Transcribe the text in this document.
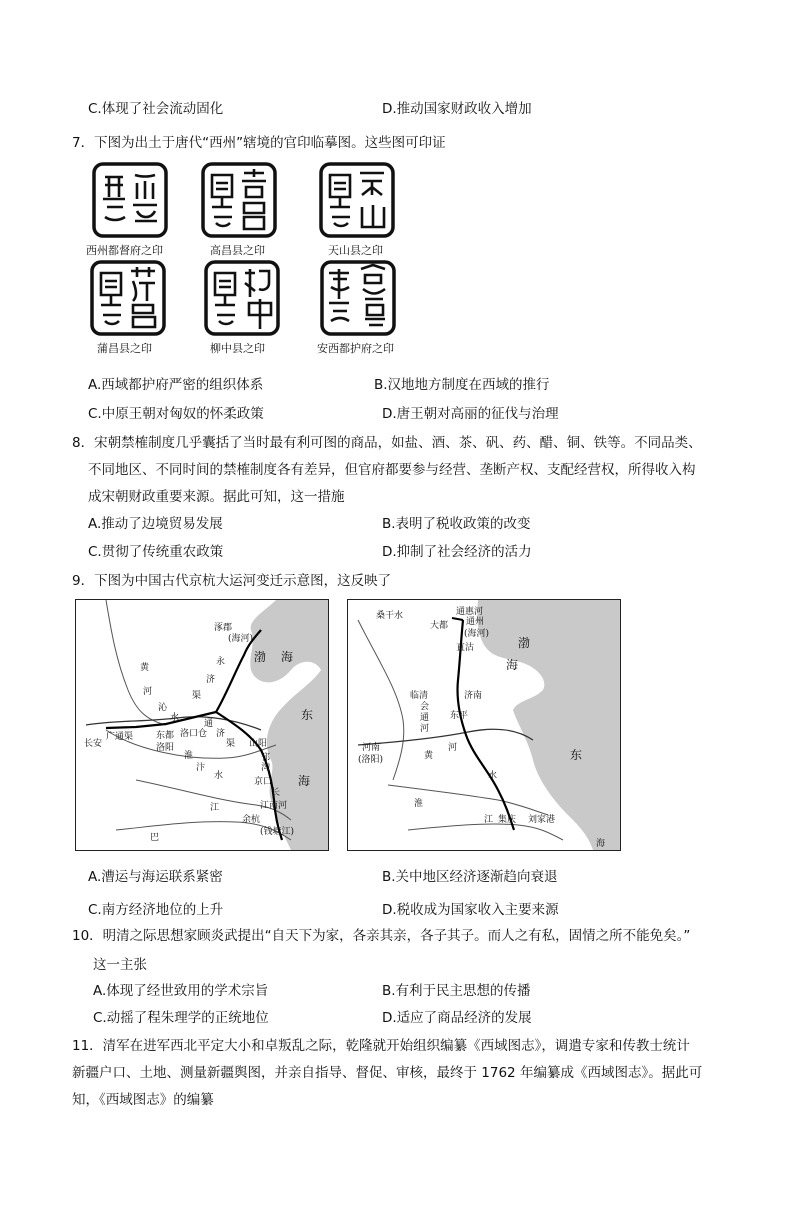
C.体现了社会流动固化	D.推动国家财政收入增加
7．下图为出土于唐代“西州”辖境的官印临摹图。这些图可印证
西州都督府之印	高昌县之印	天山县之印
蒲昌县之印	柳中县之印	安西都护府之印
A.西域都护府严密的组织体系	B.汉地地方制度在西域的推行
C.中原王朝对匈奴的怀柔政策	D.唐王朝对高丽的征伐与治理
8．宋朝禁榷制度几乎囊括了当时最有利可图的商品，如盐、酒、茶、矾、药、醋、铜、铁等。不同品类、
不同地区、不同时间的禁榷制度各有差异，但官府都要参与经营、垄断产权、支配经营权，所得收入构
成宋朝财政重要来源。据此可知，这一措施
A.推动了边境贸易发展	B.表明了税收政策的改变
C.贯彻了传统重农政策	D.抑制了社会经济的活力
9．下图为中国古代京杭大运河变迁示意图，这反映了
涿郡
(海河)
渤 海
永
济
渠
黄
河
沁
水
通
济
渠
长安
广通渠	东都
洛阳
洛口仓
汴
水
山阳
邗
沟
淮
东
海
长
江
京口
余杭
江南河
(钱塘江)
巴
通惠河
桑干水
大都 通州
(海河)
直沽	渤
海
临清	济南
会通河
东平
黄
河
河南
(洛阳)	东
淮
水
江 集庆 刘家港
海
A.漕运与海运联系紧密	B.关中地区经济逐渐趋向衰退
C.南方经济地位的上升	D.税收成为国家收入主要来源
10．明清之际思想家顾炎武提出“自天下为家，各亲其亲，各子其子。而人之有私，固情之所不能免矣。”
这一主张
A.体现了经世致用的学术宗旨	B.有利于民主思想的传播
C.动摇了程朱理学的正统地位	D.适应了商品经济的发展
11．清军在进军西北平定大小和卓叛乱之际，乾隆就开始组织编纂《西域图志》，调遣专家和传教士统计
新疆户口、土地、测量新疆舆图，并亲自指导、督促、审核，最终于 1762 年编纂成《西域图志》。据此可
知，《西域图志》的编纂
